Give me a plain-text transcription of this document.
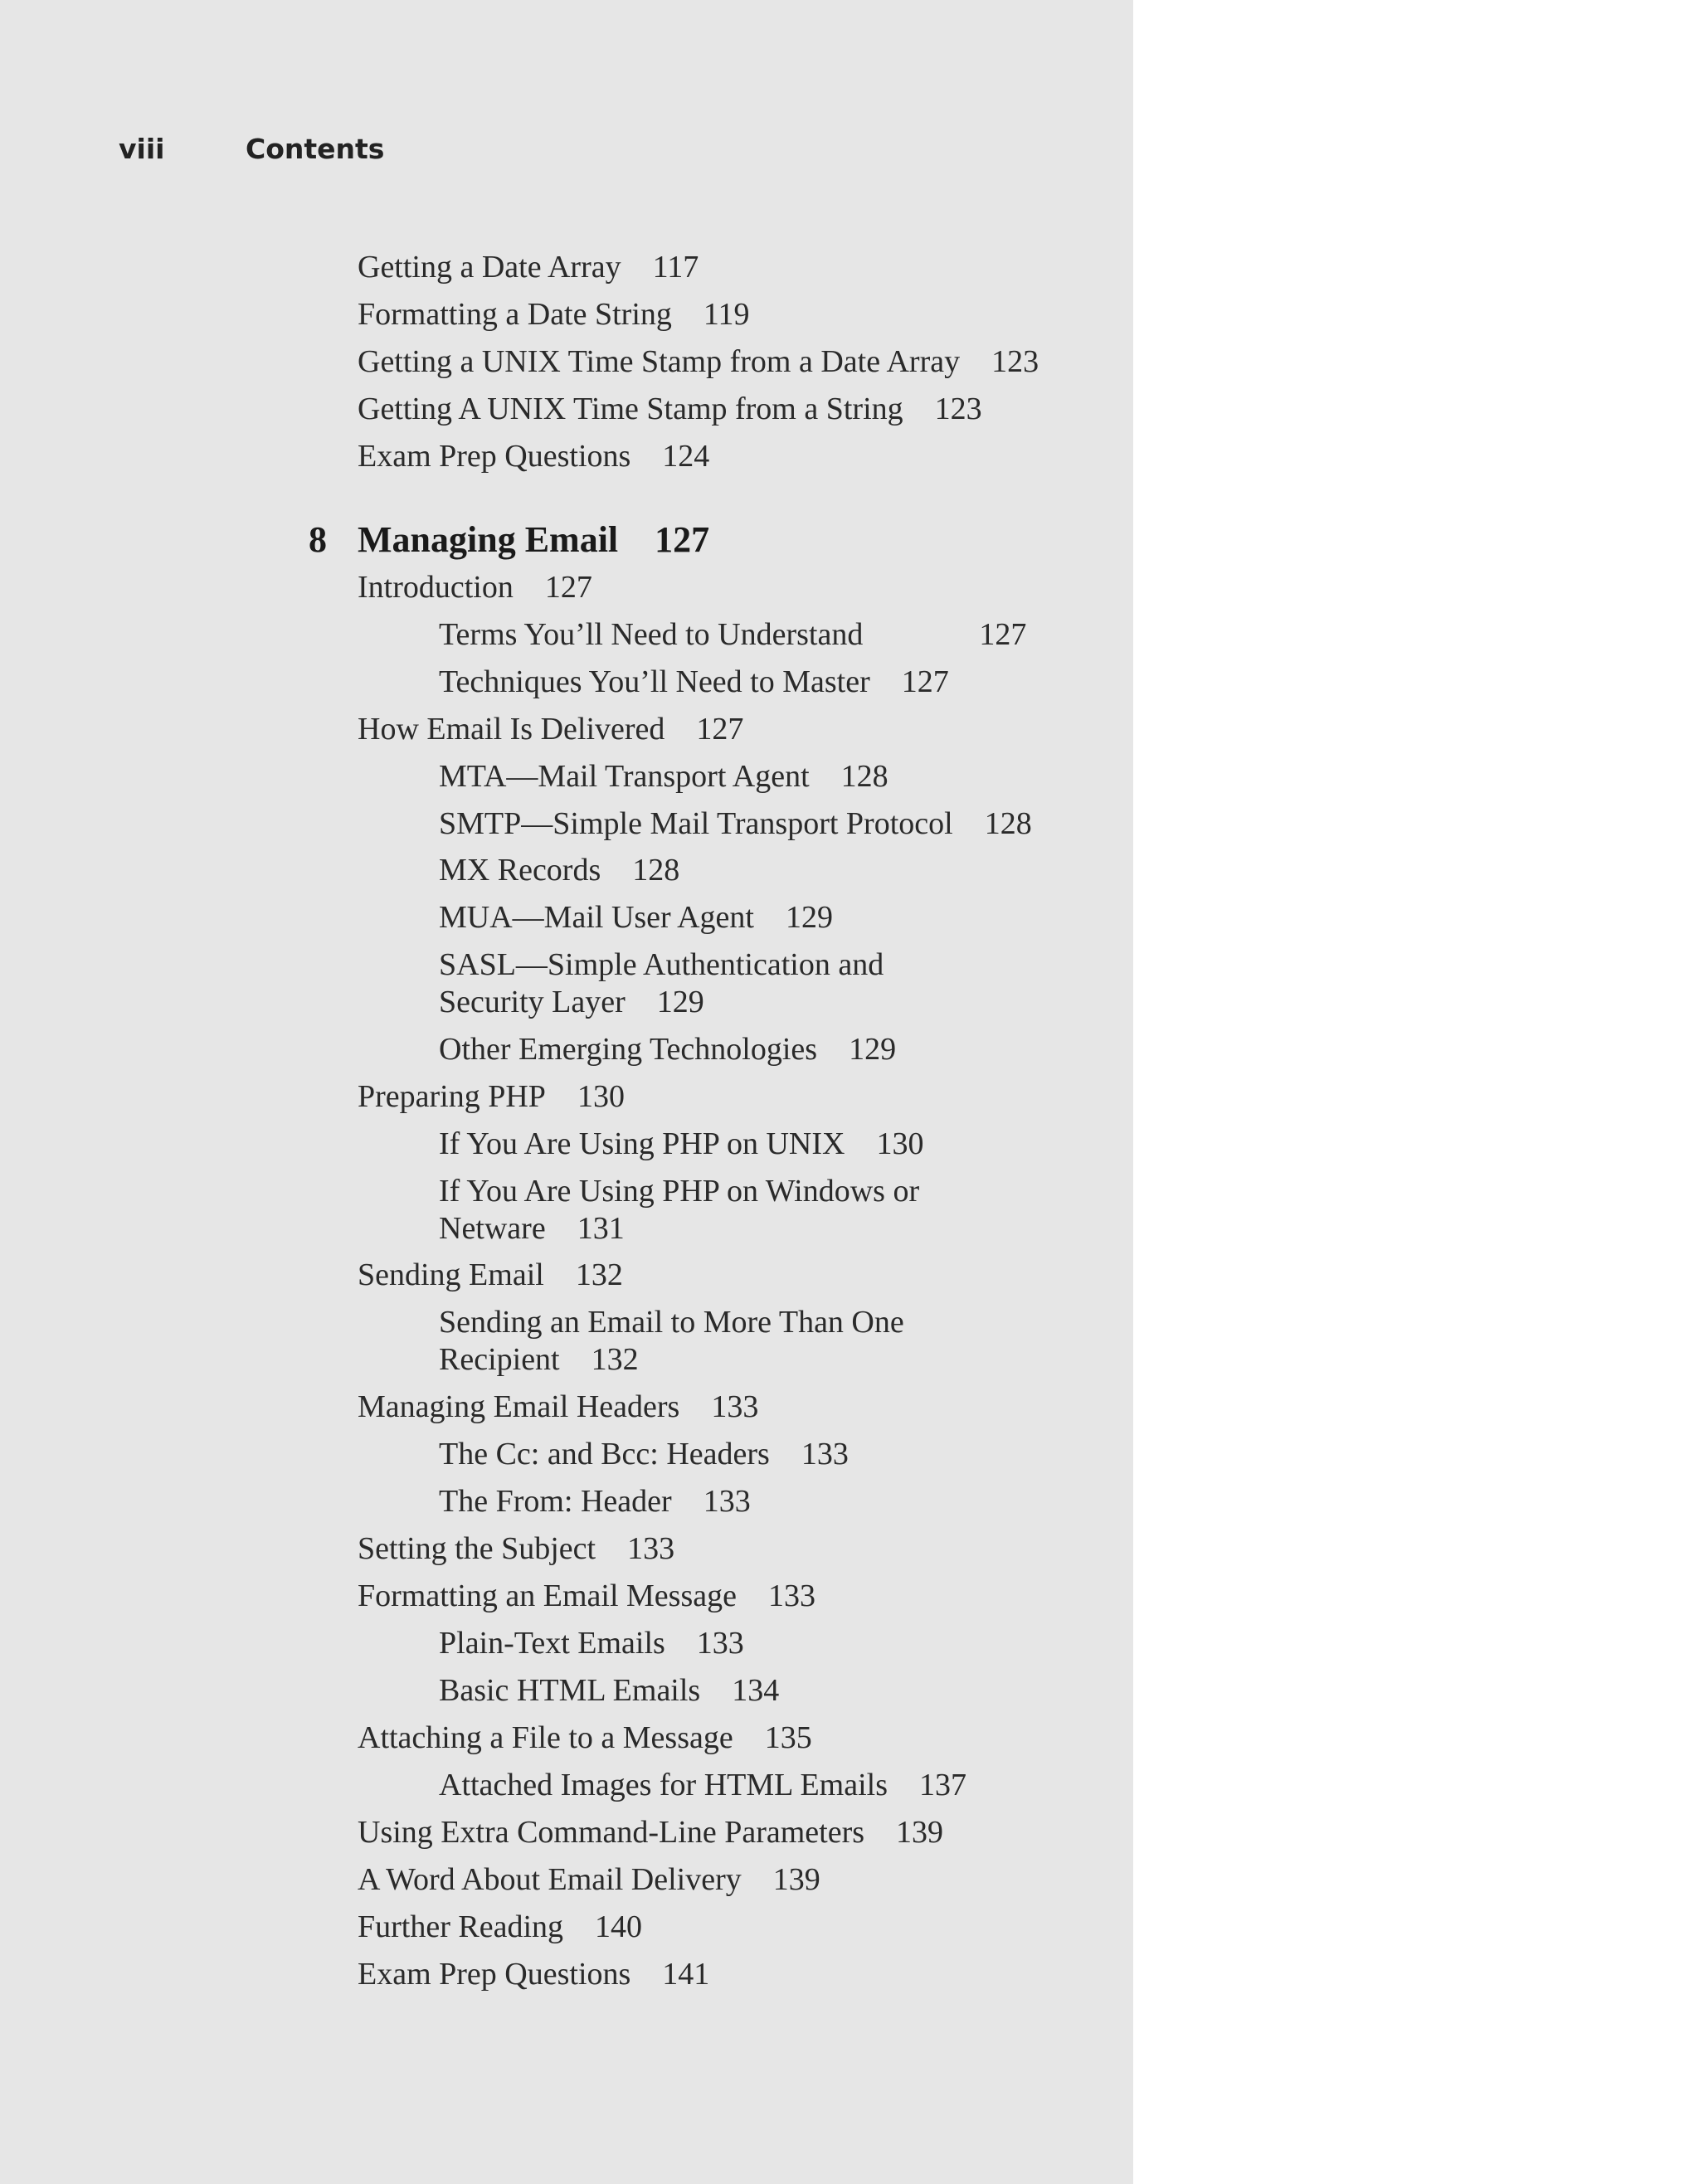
viii	Contents
Getting a Date Array 117
Formatting a Date String 119
Getting a UNIX Time Stamp from a Date Array 123
Getting A UNIX Time Stamp from a String 123
Exam Prep Questions 124
8 Managing Email 127
Introduction 127
Terms You’ll Need to Understand	127
Techniques You’ll Need to Master 127
How Email Is Delivered 127
MTA—Mail Transport Agent 128
SMTP—Simple Mail Transport Protocol 128
MX Records 128
MUA—Mail User Agent 129
SASL—Simple Authentication and
Security Layer 129
Other Emerging Technologies 129
Preparing PHP 130
If You Are Using PHP on UNIX 130
If You Are Using PHP on Windows or
Netware 131
Sending Email 132
Sending an Email to More Than One
Recipient 132
Managing Email Headers 133
The Cc: and Bcc: Headers 133
The From: Header 133
Setting the Subject 133
Formatting an Email Message 133
Plain-Text Emails 133
Basic HTML Emails 134
Attaching a File to a Message 135
Attached Images for HTML Emails 137
Using Extra Command-Line Parameters 139
A Word About Email Delivery 139
Further Reading 140
Exam Prep Questions 141
